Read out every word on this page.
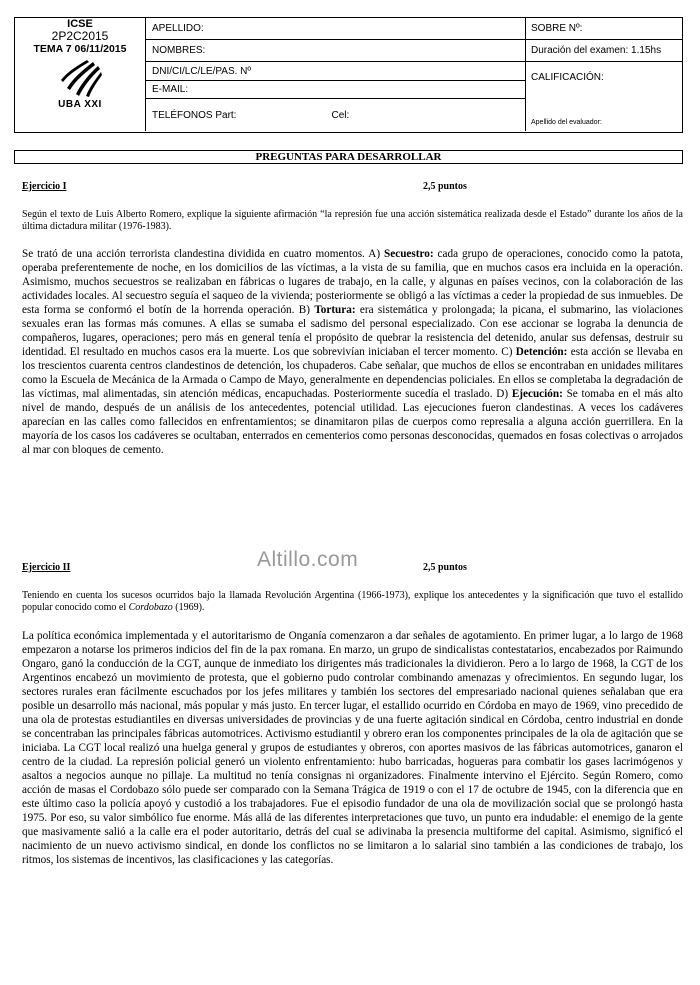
ICSE
2P2C2015
TEMA 7 06/11/2015
UBA XXI
APELLIDO:
NOMBRES:
DNI/CI/LC/LE/PAS. Nº
E-MAIL:
TELÉFONOS Part:	Cel:
SOBRE Nº:
Duración del examen: 1.15hs
CALIFICACIÓN:
Apellido del evaluador:
PREGUNTAS PARA DESARROLLAR
Ejercicio I	2,5 puntos
Según el texto de Luis Alberto Romero, explique la siguiente afirmación “la represión fue una acción sistemática realizada desde el Estado” durante los años de la última dictadura militar (1976-1983).
Se trató de una acción terrorista clandestina dividida en cuatro momentos. A) Secuestro: cada grupo de operaciones, conocido como la patota, operaba preferentemente de noche, en los domicilios de las víctimas, a la vista de su familia, que en muchos casos era incluida en la operación. Asimismo, muchos secuestros se realizaban en fábricas o lugares de trabajo, en la calle, y algunas en países vecinos, con la colaboración de las actividades locales. Al secuestro seguía el saqueo de la vivienda; posteriormente se obligó a las víctimas a ceder la propiedad de sus inmuebles. De esta forma se conformó el botín de la horrenda operación. B) Tortura: era sistemática y prolongada; la picana, el submarino, las violaciones sexuales eran las formas más comunes. A ellas se sumaba el sadismo del personal especializado. Con ese accionar se lograba la denuncia de compañeros, lugares, operaciones; pero más en general tenía el propósito de quebrar la resistencia del detenido, anular sus defensas, destruir su identidad. El resultado en muchos casos era la muerte. Los que sobrevivían iniciaban el tercer momento. C) Detención: esta acción se llevaba en los trescientos cuarenta centros clandestinos de detención, los chupaderos. Cabe señalar, que muchos de ellos se encontraban en unidades militares como la Escuela de Mecánica de la Armada o Campo de Mayo, generalmente en dependencias policiales. En ellos se completaba la degradación de las víctimas, mal alimentadas, sin atención médicas, encapuchadas. Posteriormente sucedía el traslado. D) Ejecución: Se tomaba en el más alto nivel de mando, después de un análisis de los antecedentes, potencial utilidad. Las ejecuciones fueron clandestinas. A veces los cadáveres aparecían en las calles como fallecidos en enfrentamientos; se dinamitaron pilas de cuerpos como represalia a alguna acción guerrillera. En la mayoría de los casos los cadáveres se ocultaban, enterrados en cementerios como personas desconocidas, quemados en fosas colectivas o arrojados al mar con bloques de cemento.
Altillo.com
Ejercicio II	2,5 puntos
Teniendo en cuenta los sucesos ocurridos bajo la llamada Revolución Argentina (1966-1973), explique los antecedentes y la significación que tuvo el estallido popular conocido como el Cordobazo (1969).
La política económica implementada y el autoritarismo de Onganía comenzaron a dar señales de agotamiento. En primer lugar, a lo largo de 1968 empezaron a notarse los primeros indicios del fin de la pax romana. En marzo, un grupo de sindicalistas contestatarios, encabezados por Raimundo Ongaro, ganó la conducción de la CGT, aunque de inmediato los dirigentes más tradicionales la dividieron. Pero a lo largo de 1968, la CGT de los Argentinos encabezó un movimiento de protesta, que el gobierno pudo controlar combinando amenazas y ofrecimientos. En segundo lugar, los sectores rurales eran fácilmente escuchados por los jefes militares y también los sectores del empresariado nacional quienes señalaban que era posible un desarrollo más nacional, más popular y más justo. En tercer lugar, el estallido ocurrido en Córdoba en mayo de 1969, vino precedido de una ola de protestas estudiantiles en diversas universidades de provincias y de una fuerte agitación sindical en Córdoba, centro industrial en donde se concentraban las principales fábricas automotrices. Activismo estudiantil y obrero eran los componentes principales de la ola de agitación que se iniciaba. La CGT local realizó una huelga general y grupos de estudiantes y obreros, con aportes masivos de las fábricas automotrices, ganaron el centro de la ciudad. La represión policial generó un violento enfrentamiento: hubo barricadas, hogueras para combatir los gases lacrimógenos y asaltos a negocios aunque no pillaje. La multitud no tenía consignas ni organizadores. Finalmente intervino el Ejército. Según Romero, como acción de masas el Cordobazo sólo puede ser comparado con la Semana Trágica de 1919 o con el 17 de octubre de 1945, con la diferencia que en este último caso la policía apoyó y custodió a los trabajadores. Fue el episodio fundador de una ola de movilización social que se prolongó hasta 1975. Por eso, su valor simbólico fue enorme. Más allá de las diferentes interpretaciones que tuvo, un punto era indudable: el enemigo de la gente que masivamente salió a la calle era el poder autoritario, detrás del cual se adivinaba la presencia multiforme del capital. Asimismo, significó el nacimiento de un nuevo activismo sindical, en donde los conflictos no se limitaron a lo salarial sino también a las condiciones de trabajo, los ritmos, los sistemas de incentivos, las clasificaciones y las categorías.
